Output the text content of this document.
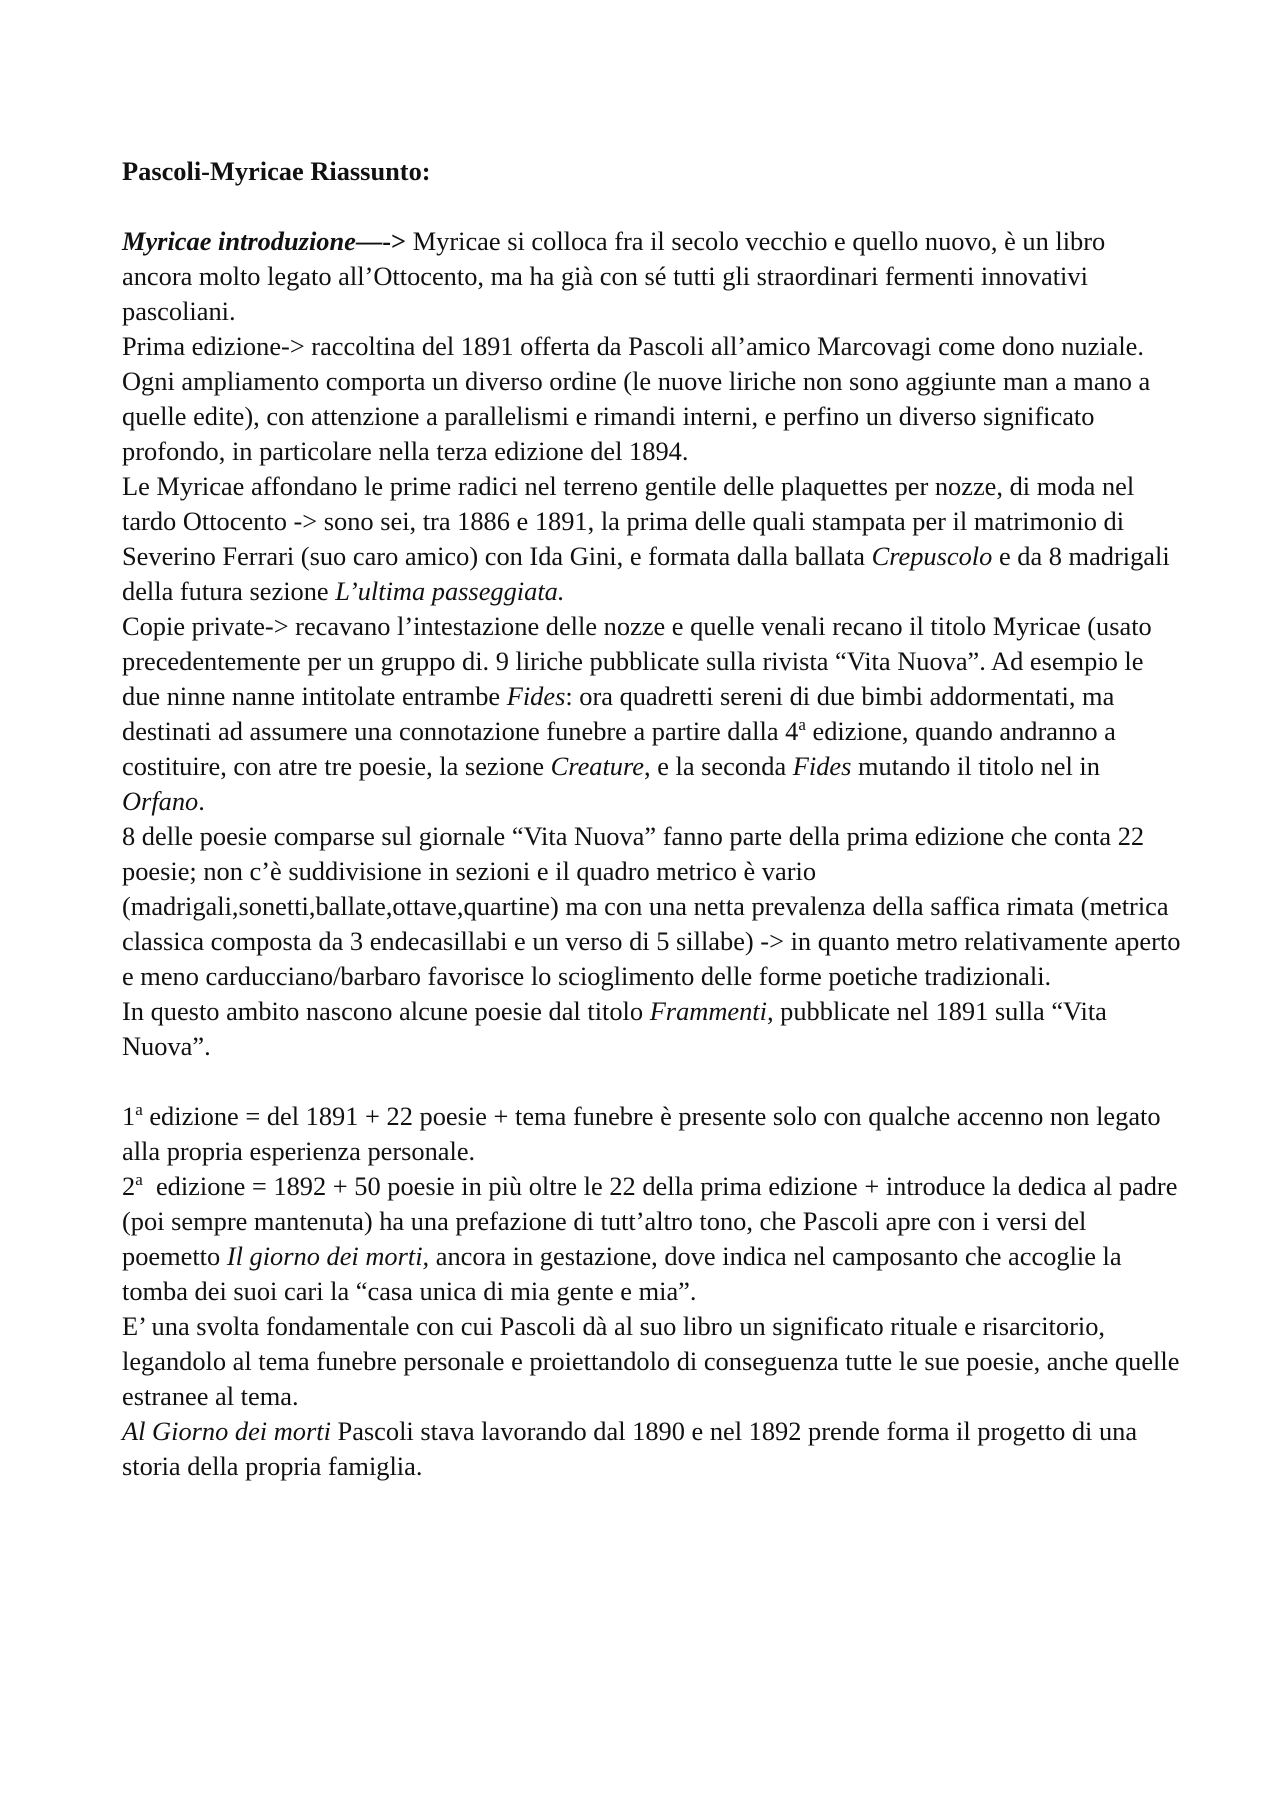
Pascoli-Myricae Riassunto:

Myricae introduzione—-> Myricae si colloca fra il secolo vecchio e quello nuovo, è un libro ancora molto legato all’Ottocento, ma ha già con sé tutti gli straordinari fermenti innovativi pascoliani.

Prima edizione-> raccoltina del 1891 offerta da Pascoli all’amico Marcovagi come dono nuziale.

Ogni ampliamento comporta un diverso ordine (le nuove liriche non sono aggiunte man a mano a quelle edite), con attenzione a parallelismi e rimandi interni, e perfino un diverso significato profondo, in particolare nella terza edizione del 1894.

Le Myricae affondano le prime radici nel terreno gentile delle plaquettes per nozze, di moda nel tardo Ottocento -> sono sei, tra 1886 e 1891, la prima delle quali stampata per il matrimonio di Severino Ferrari (suo caro amico) con Ida Gini, e formata dalla ballata Crepuscolo e da 8 madrigali della futura sezione L’ultima passeggiata.

Copie private-> recavano l’intestazione delle nozze e quelle venali recano il titolo Myricae (usato precedentemente per un gruppo di. 9 liriche pubblicate sulla rivista “Vita Nuova”. Ad esempio le due ninne nanne intitolate entrambe Fides: ora quadretti sereni di due bimbi addormentati, ma destinati ad assumere una connotazione funebre a partire dalla 4$^a$ edizione, quando andranno a costituire, con atre tre poesie, la sezione Creature, e la seconda Fides mutando il titolo nel in Orfano.

8 delle poesie comparse sul giornale “Vita Nuova” fanno parte della prima edizione che conta 22 poesie; non c’è suddivisione in sezioni e il quadro metrico è vario (madrigali,sonetti,ballate,ottave,quartine) ma con una netta prevalenza della saffica rimata (metrica classica composta da 3 endecasillabi e un verso di 5 sillabe) -> in quanto metro relativamente aperto e meno carducciano/barbaro favorisce lo scioglimento delle forme poetiche tradizionali.

In questo ambito nascono alcune poesie dal titolo Frammenti, pubblicate nel 1891 sulla “Vita Nuova”.

1$^a$ edizione = del 1891 + 22 poesie + tema funebre è presente solo con qualche accenno non legato alla propria esperienza personale.

2$^a$  edizione = 1892 + 50 poesie in più oltre le 22 della prima edizione + introduce la dedica al padre (poi sempre mantenuta) ha una prefazione di tutt’altro tono, che Pascoli apre con i versi del poemetto Il giorno dei morti, ancora in gestazione, dove indica nel camposanto che accoglie la tomba dei suoi cari la “casa unica di mia gente e mia”.

E’ una svolta fondamentale con cui Pascoli dà al suo libro un significato rituale e risarcitorio, legandolo al tema funebre personale e proiettandolo di conseguenza tutte le sue poesie, anche quelle estranee al tema.

Al Giorno dei morti Pascoli stava lavorando dal 1890 e nel 1892 prende forma il progetto di una storia della propria famiglia.
